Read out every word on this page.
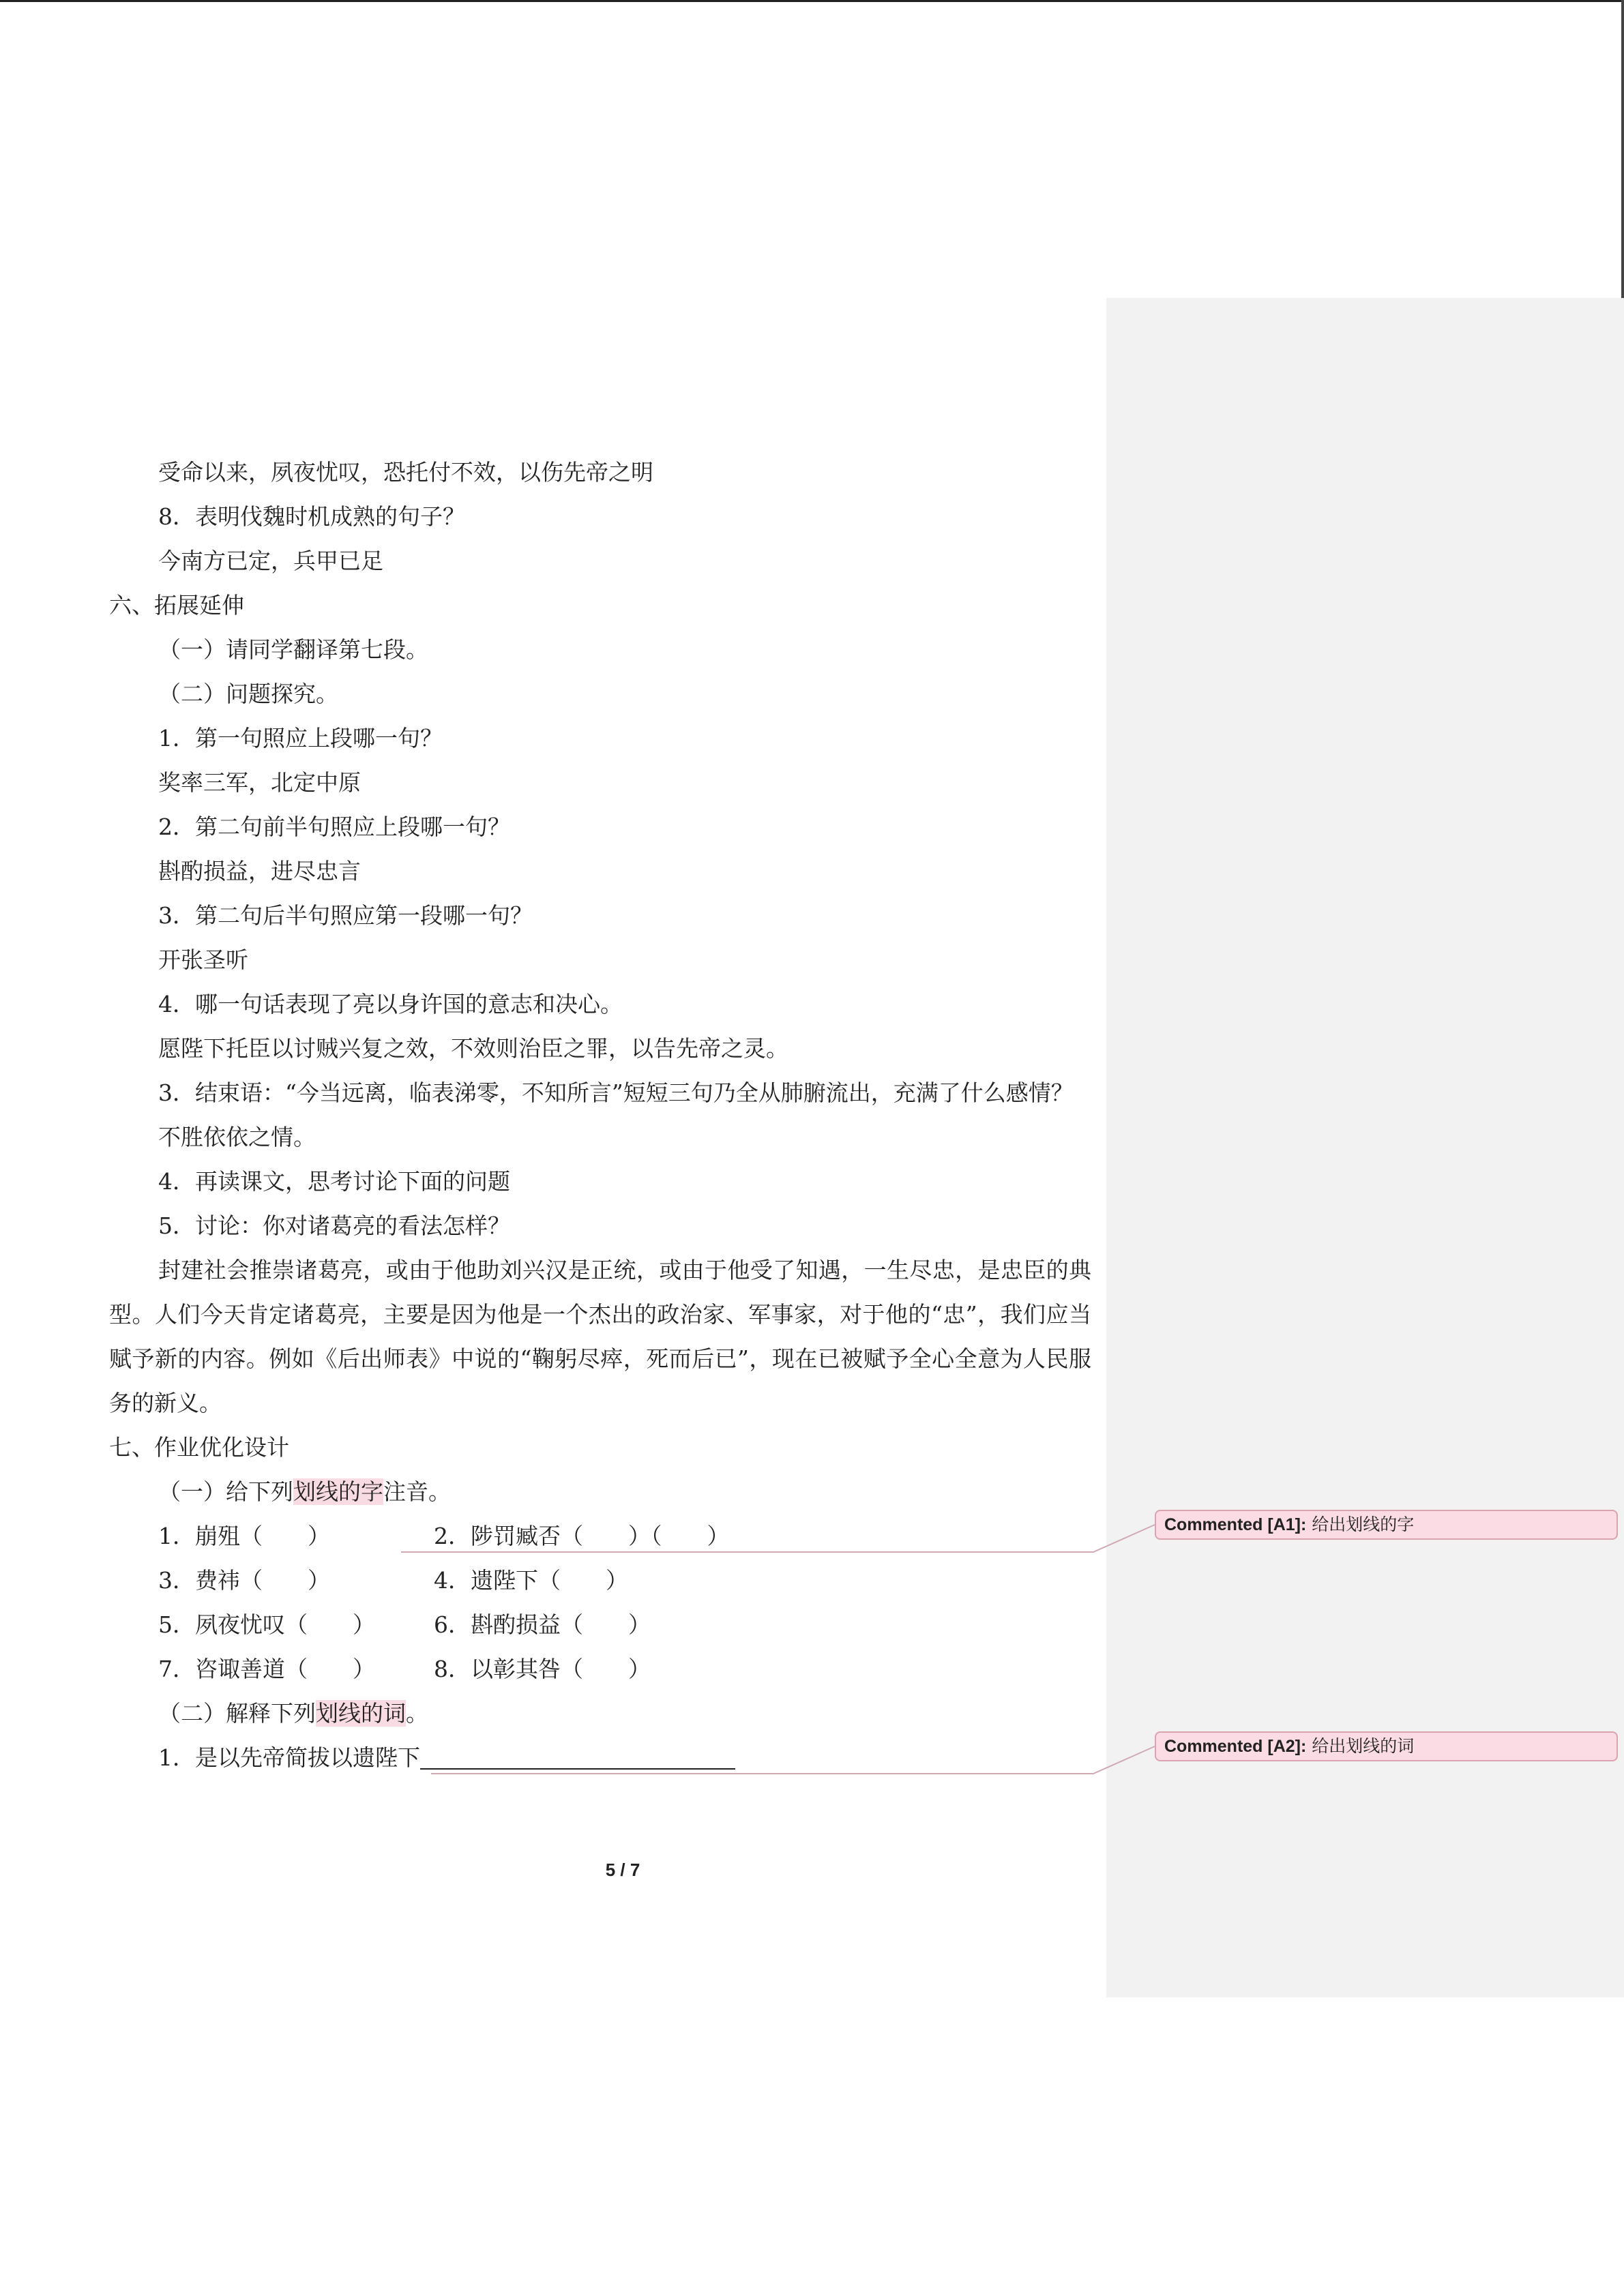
受命以来，夙夜忧叹，恐托付不效，以伤先帝之明

8．表明伐魏时机成熟的句子？

今南方已定，兵甲已足

六、拓展延伸

（一）请同学翻译第七段。

（二）问题探究。

1．第一句照应上段哪一句？

奖率三军，北定中原

2．第二句前半句照应上段哪一句？

斟酌损益，进尽忠言

3．第二句后半句照应第一段哪一句？

开张圣听

4．哪一句话表现了亮以身许国的意志和决心。

愿陛下托臣以讨贼兴复之效，不效则治臣之罪，以告先帝之灵。

3．结束语：“今当远离，临表涕零，不知所言”短短三句乃全从肺腑流出，充满了什么感情？

不胜依依之情。

4．再读课文，思考讨论下面的问题

5．讨论：你对诸葛亮的看法怎样？

封建社会推崇诸葛亮，或由于他助刘兴汉是正统，或由于他受了知遇，一生尽忠，是忠臣的典型。人们今天肯定诸葛亮，主要是因为他是一个杰出的政治家、军事家，对于他的“忠”，我们应当赋予新的内容。例如《后出师表》中说的“鞠躬尽瘁，死而后已”，现在已被赋予全心全意为人民服务的新义。

七、作业优化设计

（一）给下列划线的字注音。

1．崩殂（　　）	2．陟罚臧否（　　）（　　）

3．费祎（　　）	4．遗陛下（　　）

5．夙夜忧叹（　　）	6．斟酌损益（　　）

7．咨诹善道（　　）	8．以彰其咎（　　）

（二）解释下列划线的词。

1．是以先帝简拔以遗陛下

5 / 7
Commented [A1]: 给出划线的字
Commented [A2]: 给出划线的词
